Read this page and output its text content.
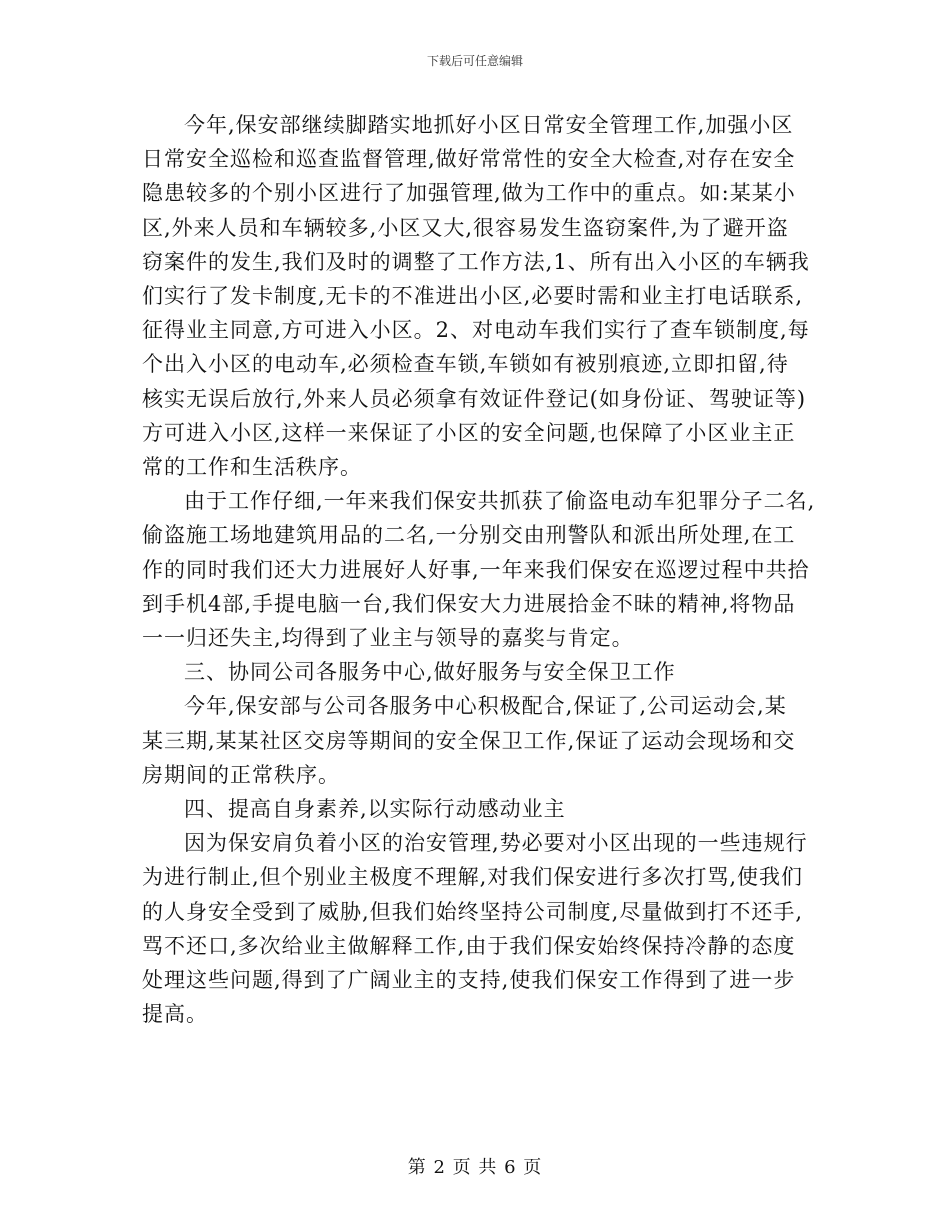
下载后可任意编辑

今年,保安部继续脚踏实地抓好小区日常安全管理工作,加强小区
日常安全巡检和巡查监督管理,做好常常性的安全大检查,对存在安全
隐患较多的个别小区进行了加强管理,做为工作中的重点。如:某某小
区,外来人员和车辆较多,小区又大,很容易发生盗窃案件,为了避开盗
窃案件的发生,我们及时的调整了工作方法,1、所有出入小区的车辆我
们实行了发卡制度,无卡的不准进出小区,必要时需和业主打电话联系,
征得业主同意,方可进入小区。2、对电动车我们实行了查车锁制度,每
个出入小区的电动车,必须检查车锁,车锁如有被别痕迹,立即扣留,待
核实无误后放行,外来人员必须拿有效证件登记(如身份证、驾驶证等)
方可进入小区,这样一来保证了小区的安全问题,也保障了小区业主正
常的工作和生活秩序。

由于工作仔细,一年来我们保安共抓获了偷盗电动车犯罪分子二名,
偷盗施工场地建筑用品的二名,一分别交由刑警队和派出所处理,在工
作的同时我们还大力进展好人好事,一年来我们保安在巡逻过程中共拾
到手机4部,手提电脑一台,我们保安大力进展拾金不昧的精神,将物品
一一归还失主,均得到了业主与领导的嘉奖与肯定。

三、协同公司各服务中心,做好服务与安全保卫工作

今年,保安部与公司各服务中心积极配合,保证了,公司运动会,某
某三期,某某社区交房等期间的安全保卫工作,保证了运动会现场和交
房期间的正常秩序。

四、提高自身素养,以实际行动感动业主

因为保安肩负着小区的治安管理,势必要对小区出现的一些违规行
为进行制止,但个别业主极度不理解,对我们保安进行多次打骂,使我们
的人身安全受到了威胁,但我们始终坚持公司制度,尽量做到打不还手,
骂不还口,多次给业主做解释工作,由于我们保安始终保持冷静的态度
处理这些问题,得到了广阔业主的支持,使我们保安工作得到了进一步
提高。

第 2 页 共 6 页
